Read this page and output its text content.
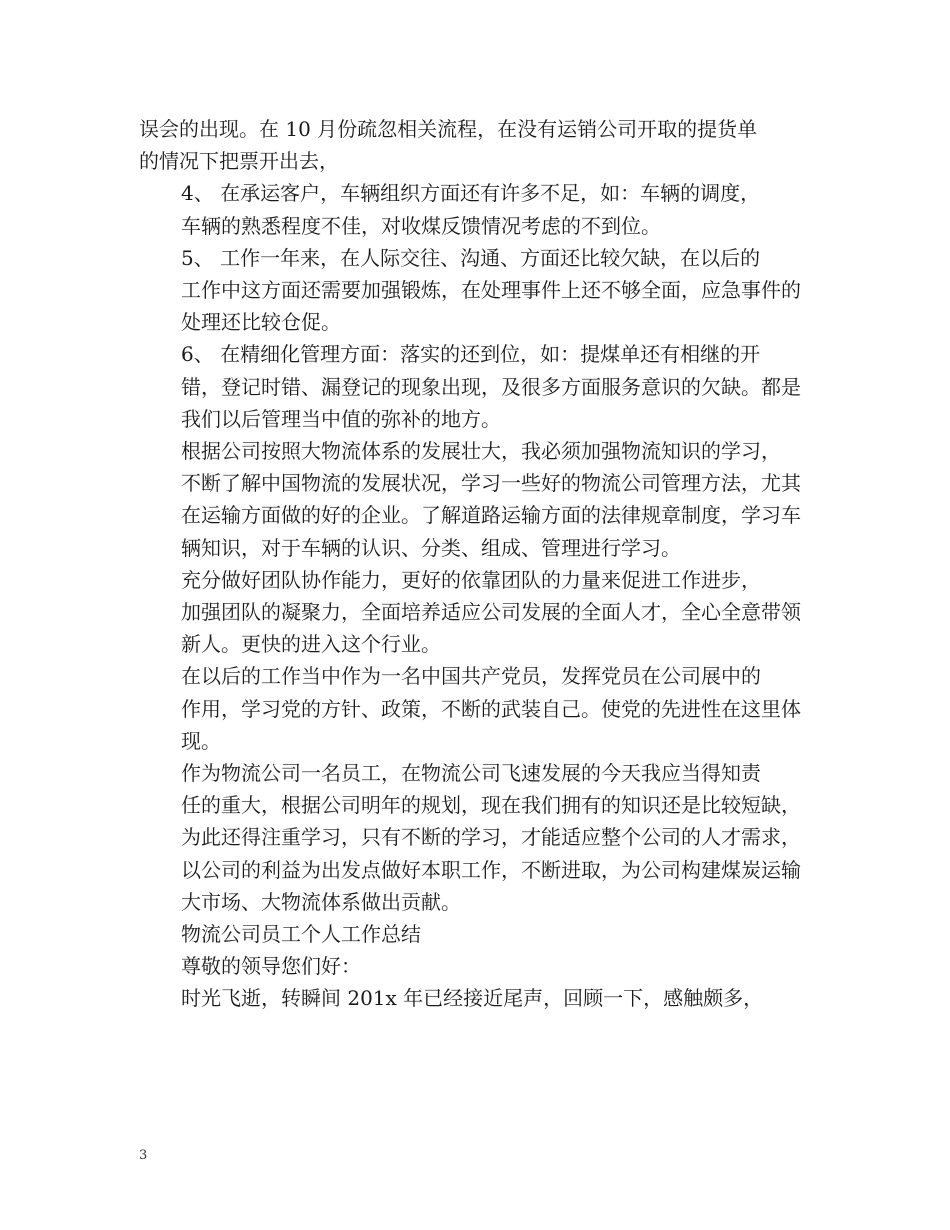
误会的出现。在 10 月份疏忽相关流程，在没有运销公司开取的提货单
的情况下把票开出去，

4、 在承运客户，车辆组织方面还有许多不足，如：车辆的调度，
车辆的熟悉程度不佳，对收煤反馈情况考虑的不到位。

5、 工作一年来，在人际交往、沟通、方面还比较欠缺，在以后的
工作中这方面还需要加强锻炼，在处理事件上还不够全面，应急事件的
处理还比较仓促。

6、 在精细化管理方面：落实的还到位，如：提煤单还有相继的开
错，登记时错、漏登记的现象出现，及很多方面服务意识的欠缺。都是
我们以后管理当中值的弥补的地方。

根据公司按照大物流体系的发展壮大，我必须加强物流知识的学习，
不断了解中国物流的发展状况，学习一些好的物流公司管理方法，尤其
在运输方面做的好的企业。了解道路运输方面的法律规章制度，学习车
辆知识，对于车辆的认识、分类、组成、管理进行学习。

充分做好团队协作能力，更好的依靠团队的力量来促进工作进步，
加强团队的凝聚力，全面培养适应公司发展的全面人才，全心全意带领
新人。更快的进入这个行业。

在以后的工作当中作为一名中国共产党员，发挥党员在公司展中的
作用，学习党的方针、政策，不断的武装自己。使党的先进性在这里体
现。

作为物流公司一名员工，在物流公司飞速发展的今天我应当得知责
任的重大，根据公司明年的规划，现在我们拥有的知识还是比较短缺，
为此还得注重学习，只有不断的学习，才能适应整个公司的人才需求，
以公司的利益为出发点做好本职工作，不断进取，为公司构建煤炭运输
大市场、大物流体系做出贡献。

物流公司员工个人工作总结

尊敬的领导您们好：

时光飞逝，转瞬间 201x 年已经接近尾声，回顾一下，感触颇多，

3
